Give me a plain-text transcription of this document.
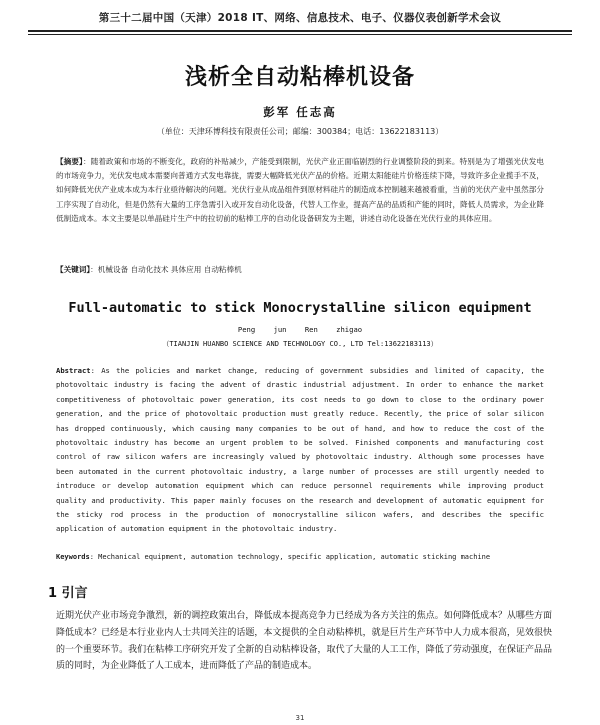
第三十二届中国（天津）2018 IT、网络、信息技术、电子、仪器仪表创新学术会议
浅析全自动粘棒机设备
彭军 任志高
（单位：天津环博科技有限责任公司；邮编：300384；电话：13622183113）
【摘要】：随着政策和市场的不断变化，政府的补贴减少，产能受到限制，光伏产业正面临剧烈的行业调整阶段的到来。特别是为了增强光伏发电的市场竞争力，光伏发电成本需要向普通方式发电靠拢，需要大幅降低光伏产品的价格。近期太阳能硅片价格连续下降，导致许多企业揽手不及，如何降低光伏产业成本成为本行业亟待解决的问题。光伏行业从成品组件到原材料硅片的制造成本控制越来越被看重，当前的光伏产业中虽然部分工序实现了自动化，但是仍然有大量的工序急需引入或开发自动化设备，代替人工作业，提高产品的品质和产能的同时，降低人员需求，为企业降低制造成本。本文主要是以单晶硅片生产中的拉切前的粘棒工序的自动化设备研发为主题，讲述自动化设备在光伏行业的具体应用。
【关键词】：机械设备 自动化技术 具体应用 自动粘棒机
Full-automatic to stick Monocrystalline silicon equipment
Peng jun Ren zhigao
（TIANJIN HUANBO SCIENCE AND TECHNOLOGY CO., LTD Tel:13622183113）
Abstract: As the policies and market change, reducing of government subsidies and limited of capacity, the photovoltaic industry is facing the advent of drastic industrial adjustment. In order to enhance the market competitiveness of photovoltaic power generation, its cost needs to go down to close to the ordinary power generation, and the price of photovoltaic production must greatly reduce. Recently, the price of solar silicon has dropped continuously, which causing many companies to be out of hand, and how to reduce the cost of the photovoltaic industry has become an urgent problem to be solved. Finished components and manufacturing cost control of raw silicon wafers are increasingly valued by photovoltaic industry. Although some processes have been automated in the current photovoltaic industry, a large number of processes are still urgently needed to introduce or develop automation equipment which can reduce personnel requirements while improving product quality and productivity. This paper mainly focuses on the research and development of automatic equipment for the sticky rod process in the production of monocrystalline silicon wafers, and describes the specific application of automation equipment in the photovoltaic industry.
Keywords: Mechanical equipment, automation technology, specific application, automatic sticking machine
1 引言
近期光伏产业市场竞争激烈，新的调控政策出台，降低成本提高竞争力已经成为各方关注的焦点。如何降低成本？从哪些方面降低成本？已经是本行业业内人士共同关注的话题，本文提供的全自动粘棒机，就是巨片生产环节中人力成本很高，见效很快的一个重要环节。我们在粘棒工序研究开发了全新的自动粘棒设备，取代了大量的人工工作，降低了劳动强度，在保证产品品质的同时，为企业降低了人工成本，进而降低了产品的制造成本。
31
